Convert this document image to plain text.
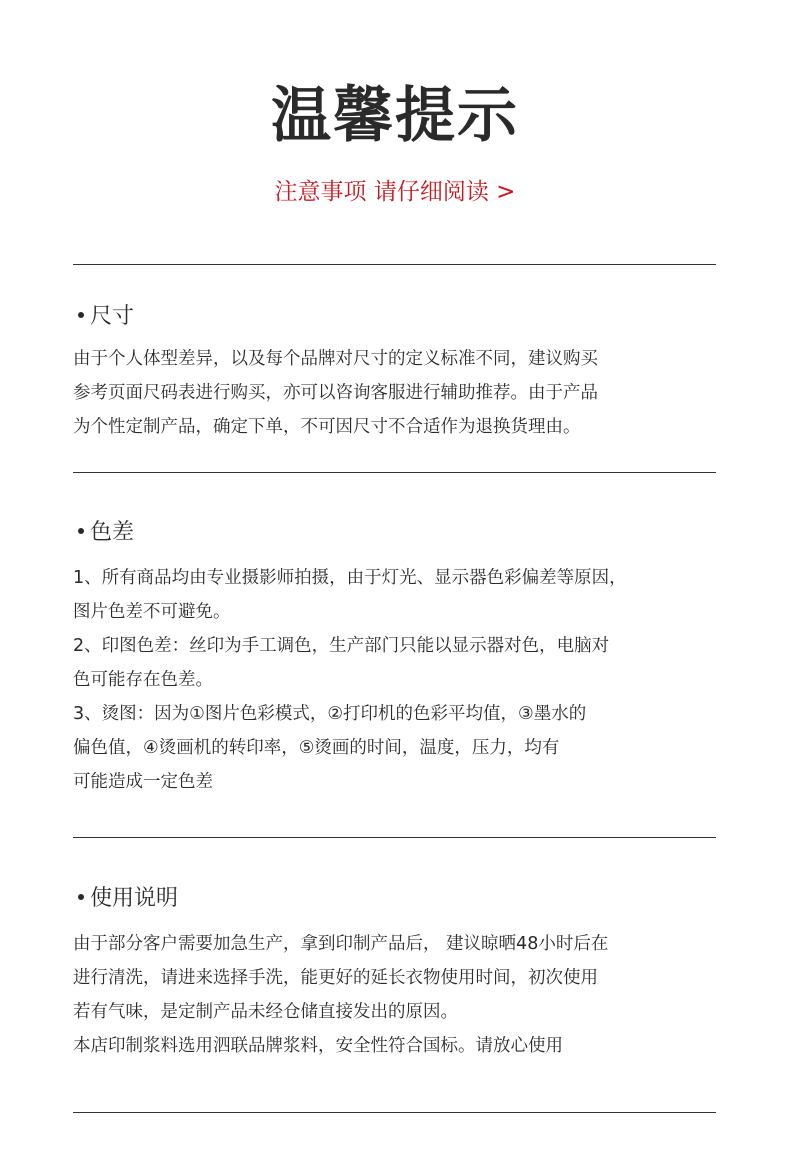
温馨提示
注意事项 请仔细阅读 >
尺寸
由于个人体型差异，以及每个品牌对尺寸的定义标准不同，建议购买
参考页面尺码表进行购买，亦可以咨询客服进行辅助推荐。由于产品
为个性定制产品，确定下单，不可因尺寸不合适作为退换货理由。
色差
1、所有商品均由专业摄影师拍摄，由于灯光、显示器色彩偏差等原因，
图片色差不可避免。
2、印图色差：丝印为手工调色，生产部门只能以显示器对色，电脑对
色可能存在色差。
3、烫图：因为①图片色彩模式，②打印机的色彩平均值，③墨水的
偏色值，④烫画机的转印率，⑤烫画的时间，温度，压力，均有
可能造成一定色差
使用说明
由于部分客户需要加急生产，拿到印制产品后， 建议晾晒48小时后在
进行清洗，请进来选择手洗，能更好的延长衣物使用时间，初次使用
若有气味，是定制产品未经仓储直接发出的原因。
本店印制浆料选用泗联品牌浆料，安全性符合国标。请放心使用
